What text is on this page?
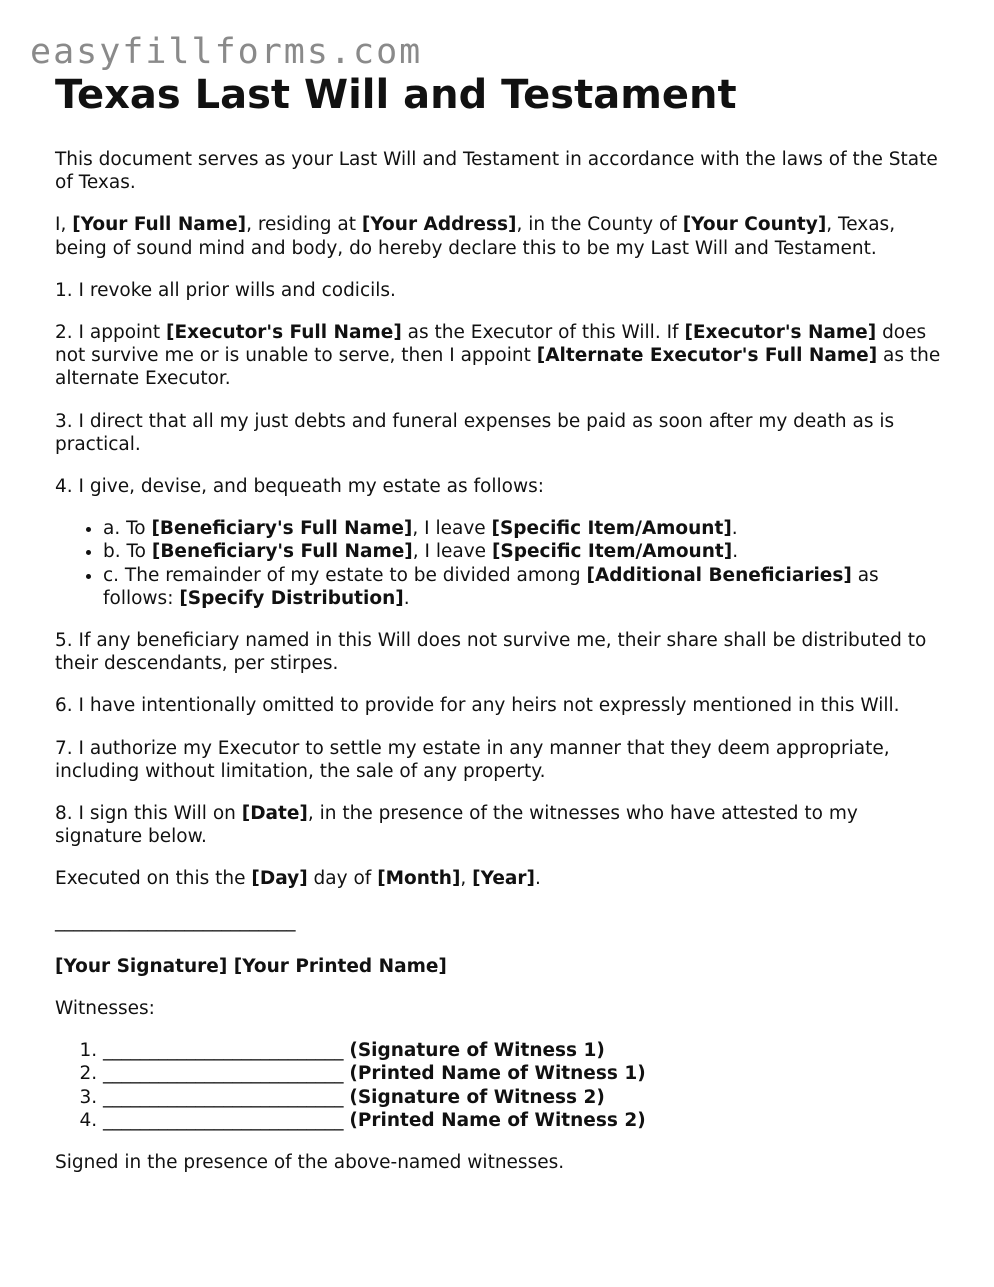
easyfillforms.com
Texas Last Will and Testament

This document serves as your Last Will and Testament in accordance with the laws of the State of Texas.

I, [Your Full Name], residing at [Your Address], in the County of [Your County], Texas, being of sound mind and body, do hereby declare this to be my Last Will and Testament.

1. I revoke all prior wills and codicils.

2. I appoint [Executor's Full Name] as the Executor of this Will. If [Executor's Name] does not survive me or is unable to serve, then I appoint [Alternate Executor's Full Name] as the alternate Executor.

3. I direct that all my just debts and funeral expenses be paid as soon after my death as is practical.

4. I give, devise, and bequeath my estate as follows:

• a. To [Beneficiary's Full Name], I leave [Specific Item/Amount].
• b. To [Beneficiary's Full Name], I leave [Specific Item/Amount].
• c. The remainder of my estate to be divided among [Additional Beneficiaries] as follows: [Specify Distribution].

5. If any beneficiary named in this Will does not survive me, their share shall be distributed to their descendants, per stirpes.

6. I have intentionally omitted to provide for any heirs not expressly mentioned in this Will.

7. I authorize my Executor to settle my estate in any manner that they deem appropriate, including without limitation, the sale of any property.

8. I sign this Will on [Date], in the presence of the witnesses who have attested to my signature below.

Executed on this the [Day] day of [Month], [Year].

__________________________

[Your Signature] [Your Printed Name]

Witnesses:

1. __________________________ (Signature of Witness 1)
2. __________________________ (Printed Name of Witness 1)
3. __________________________ (Signature of Witness 2)
4. __________________________ (Printed Name of Witness 2)

Signed in the presence of the above-named witnesses.
